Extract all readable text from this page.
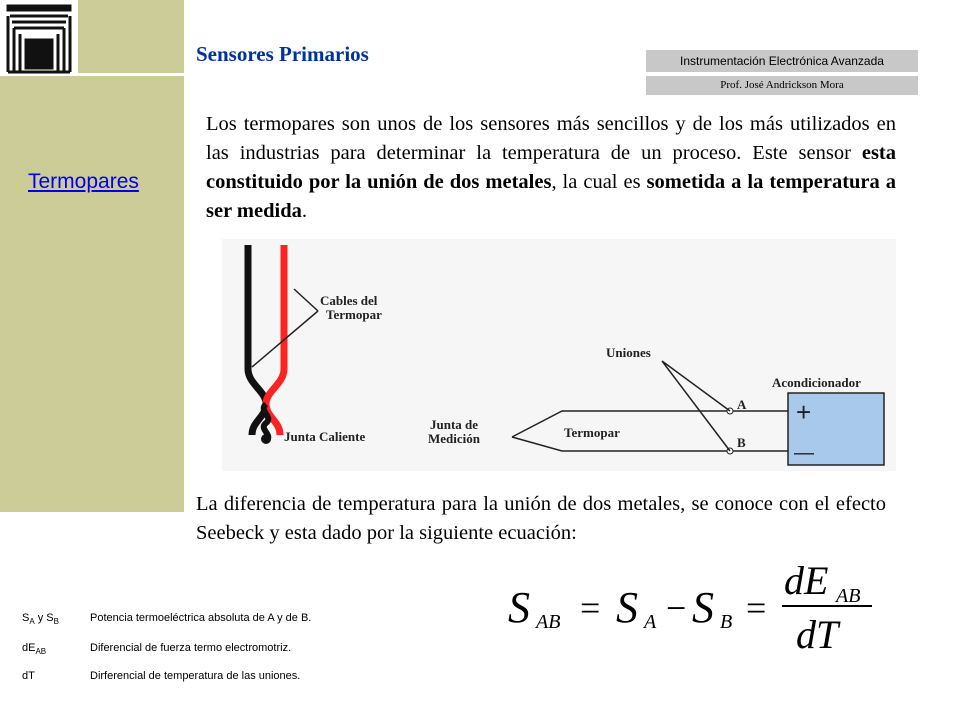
Termopares
Sensores Primarios	Instrumentación Electrónica Avanzada
Prof. José Andrickson Mora
Los termopares son unos de los sensores más sencillos y de los más utilizados en las industrias para determinar la temperatura de un proceso. Este sensor esta constituido por la unión de dos metales, la cual es sometida a la temperatura a ser medida.
Cables del
Termopar
Junta Caliente
Junta de
Medición	Termopar
Uniones
A
B
Acondicionador
+
—
La diferencia de temperatura para la unión de dos metales, se conoce con el efecto Seebeck y esta dado por la siguiente ecuación:
$S_A$ y $S_B$	Potencia termoeléctrica absoluta de A y de B.
$dE_{AB}$	Diferencial de fuerza termo electromotriz.
dT	Dirferencial de temperatura de las uniones.
S AB = S A − S B =
dE AB
dT
